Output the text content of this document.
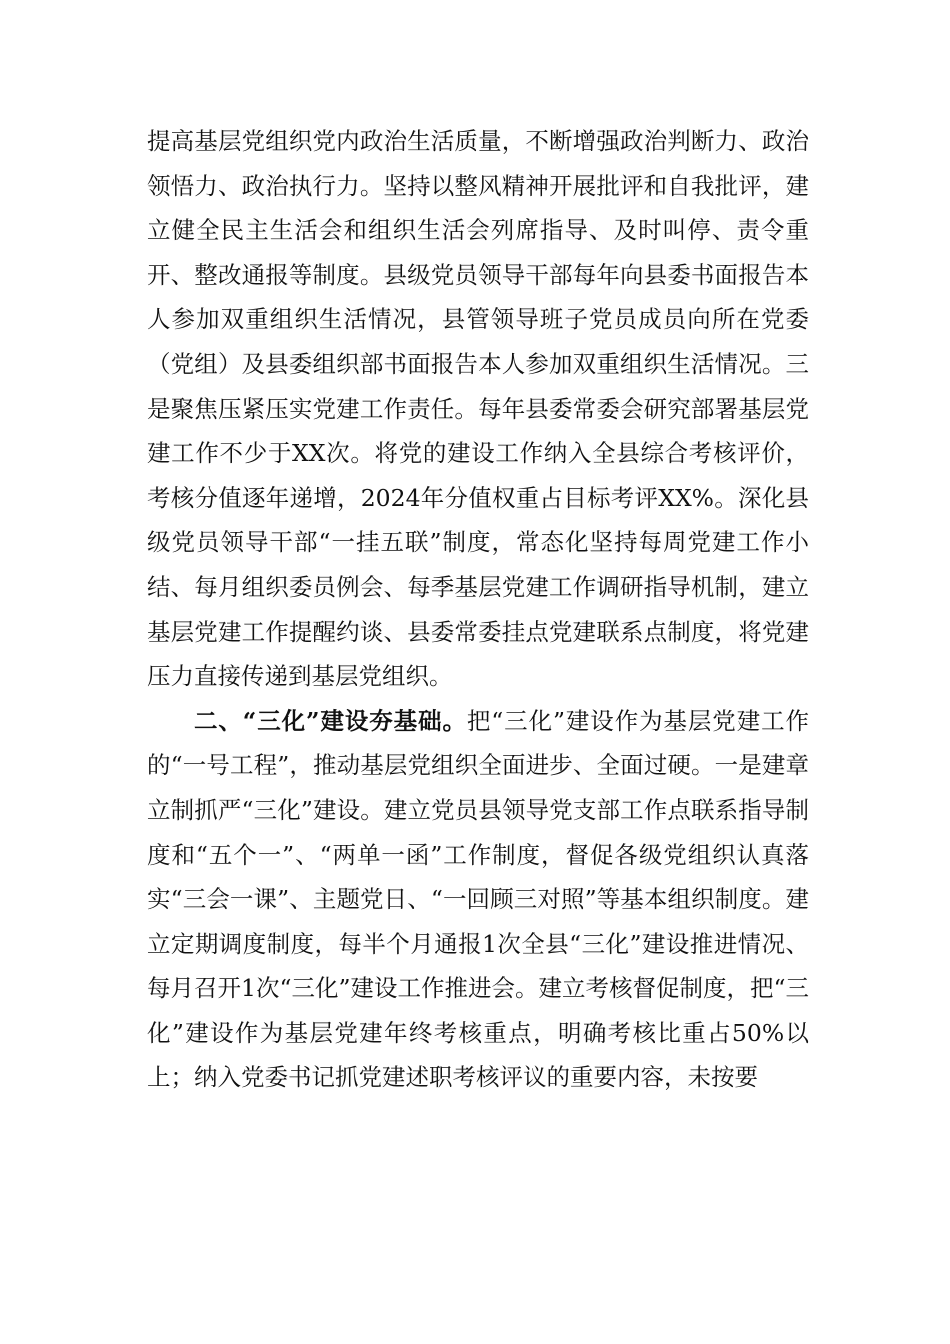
提高基层党组织党内政治生活质量，不断增强政治判断力、政治领悟力、政治执行力。坚持以整风精神开展批评和自我批评，建立健全民主生活会和组织生活会列席指导、及时叫停、责令重开、整改通报等制度。县级党员领导干部每年向县委书面报告本人参加双重组织生活情况，县管领导班子党员成员向所在党委（党组）及县委组织部书面报告本人参加双重组织生活情况。三是聚焦压紧压实党建工作责任。每年县委常委会研究部署基层党建工作不少于XX次。将党的建设工作纳入全县综合考核评价，考核分值逐年递增，2024年分值权重占目标考评XX%。深化县级党员领导干部“一挂五联”制度，常态化坚持每周党建工作小结、每月组织委员例会、每季基层党建工作调研指导机制，建立基层党建工作提醒约谈、县委常委挂点党建联系点制度，将党建压力直接传递到基层党组织。

二、“三化”建设夯基础。把“三化”建设作为基层党建工作的“一号工程”，推动基层党组织全面进步、全面过硬。一是建章立制抓严“三化”建设。建立党员县领导党支部工作点联系指导制度和“五个一”、“两单一函”工作制度，督促各级党组织认真落实“三会一课”、主题党日、“一回顾三对照”等基本组织制度。建立定期调度制度，每半个月通报1次全县“三化”建设推进情况、每月召开1次“三化”建设工作推进会。建立考核督促制度，把“三化”建设作为基层党建年终考核重点，明确考核比重占50%以上；纳入党委书记抓党建述职考核评议的重要内容，未按要
